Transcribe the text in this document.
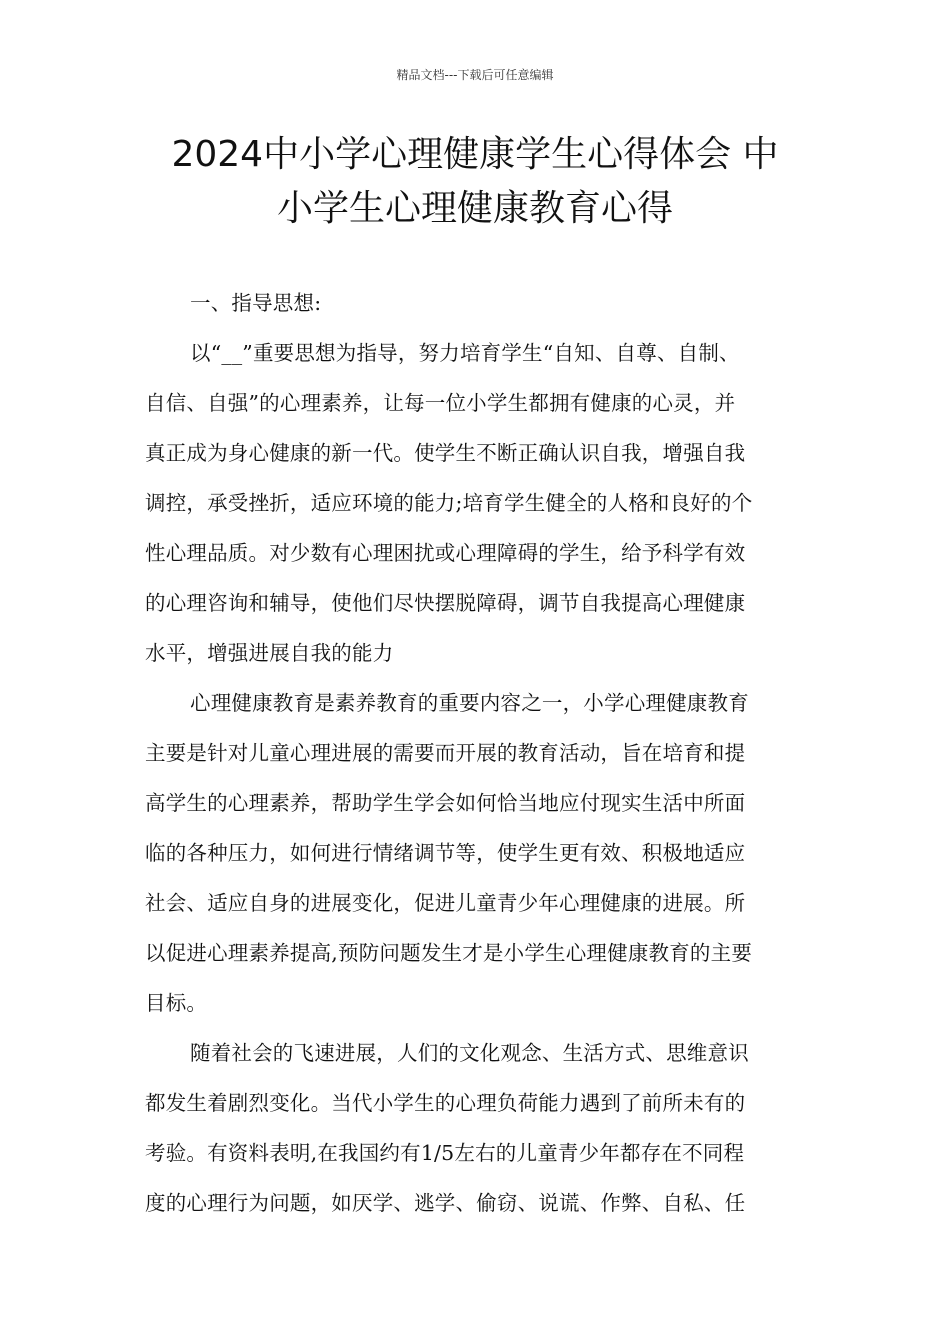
精品文档---下载后可任意编辑
2024中小学心理健康学生心得体会 中
小学生心理健康教育心得
一、指导思想:
以“__”重要思想为指导，努力培育学生“自知、自尊、自制、
自信、自强”的心理素养，让每一位小学生都拥有健康的心灵，并
真正成为身心健康的新一代。使学生不断正确认识自我，增强自我
调控，承受挫折，适应环境的能力;培育学生健全的人格和良好的个
性心理品质。对少数有心理困扰或心理障碍的学生，给予科学有效
的心理咨询和辅导，使他们尽快摆脱障碍，调节自我提高心理健康
水平，增强进展自我的能力
心理健康教育是素养教育的重要内容之一，小学心理健康教育
主要是针对儿童心理进展的需要而开展的教育活动，旨在培育和提
高学生的心理素养，帮助学生学会如何恰当地应付现实生活中所面
临的各种压力，如何进行情绪调节等，使学生更有效、积极地适应
社会、适应自身的进展变化，促进儿童青少年心理健康的进展。所
以促进心理素养提高,预防问题发生才是小学生心理健康教育的主要
目标。
随着社会的飞速进展，人们的文化观念、生活方式、思维意识
都发生着剧烈变化。当代小学生的心理负荷能力遇到了前所未有的
考验。有资料表明,在我国约有1/5左右的儿童青少年都存在不同程
度的心理行为问题，如厌学、逃学、偷窃、说谎、作弊、自私、任
